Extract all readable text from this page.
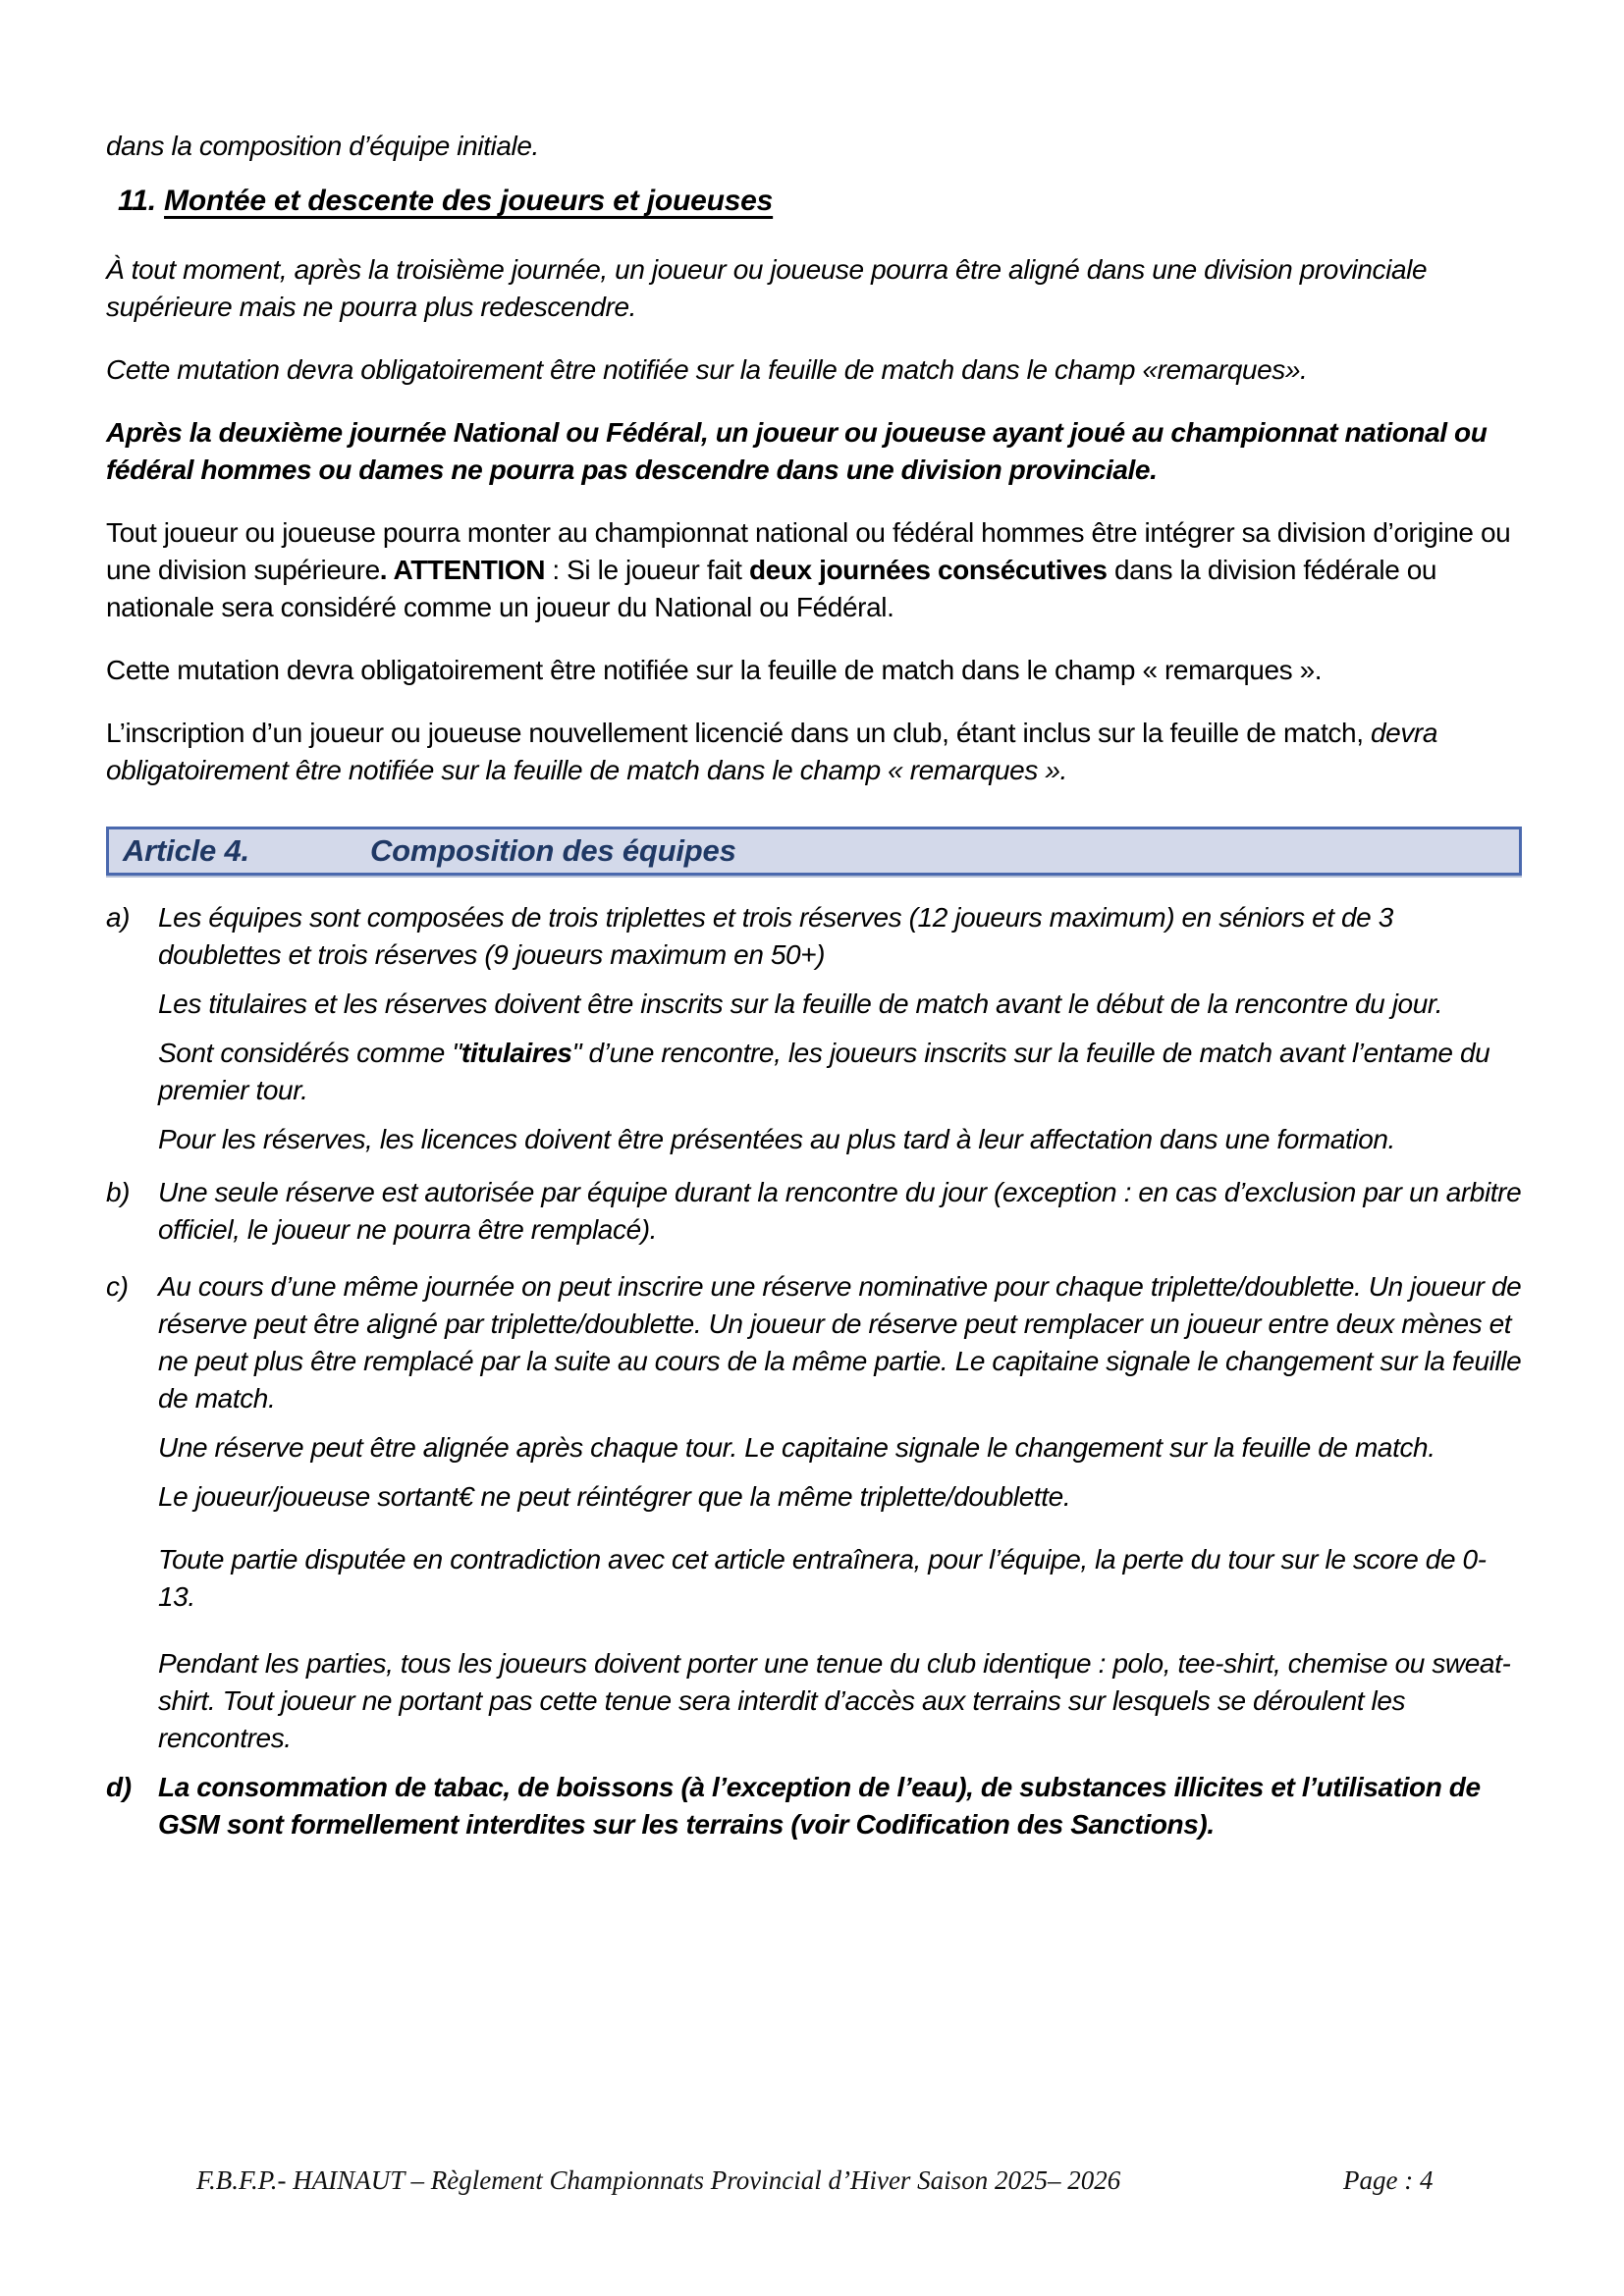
dans la composition d’équipe initiale.

11. Montée et descente des joueurs et joueuses

À tout moment, après la troisième journée, un joueur ou joueuse pourra être aligné dans une division provinciale supérieure mais ne pourra plus redescendre.

Cette mutation devra obligatoirement être notifiée sur la feuille de match dans le champ «remarques».

Après la deuxième journée National ou Fédéral, un joueur ou joueuse ayant joué au championnat national ou fédéral hommes ou dames ne pourra pas descendre dans une division provinciale.

Tout joueur ou joueuse pourra monter au championnat national ou fédéral hommes être intégrer sa division d’origine ou une division supérieure. ATTENTION : Si le joueur fait deux journées consécutives dans la division fédérale ou nationale sera considéré comme un joueur du National ou Fédéral.

Cette mutation devra obligatoirement être notifiée sur la feuille de match dans le champ « remarques ».

L’inscription d’un joueur ou joueuse nouvellement licencié dans un club, étant inclus sur la feuille de match, devra obligatoirement être notifiée sur la feuille de match dans le champ « remarques ».

Article 4.	Composition des équipes
a)	Les équipes sont composées de trois triplettes et trois réserves (12 joueurs maximum) en séniors et de 3 doublettes et trois réserves (9 joueurs maximum en 50+)

Les titulaires et les réserves doivent être inscrits sur la feuille de match avant le début de la rencontre du jour.

Sont considérés comme "titulaires" d’une rencontre, les joueurs inscrits sur la feuille de match avant l’entame du premier tour.

Pour les réserves, les licences doivent être présentées au plus tard à leur affectation dans une formation.

b)	Une seule réserve est autorisée par équipe durant la rencontre du jour (exception : en cas d’exclusion par un arbitre officiel, le joueur ne pourra être remplacé).

c)	Au cours d’une même journée on peut inscrire une réserve nominative pour chaque triplette/doublette. Un joueur de réserve peut être aligné par triplette/doublette. Un joueur de réserve peut remplacer un joueur entre deux mènes et ne peut plus être remplacé par la suite au cours de la même partie. Le capitaine signale le changement sur la feuille de match.

Une réserve peut être alignée après chaque tour. Le capitaine signale le changement sur la feuille de match.

Le joueur/joueuse sortant€ ne peut réintégrer que la même triplette/doublette.

Toute partie disputée en contradiction avec cet article entraînera, pour l’équipe, la perte du tour sur le score de 0-13.

Pendant les parties, tous les joueurs doivent porter une tenue du club identique : polo, tee-shirt, chemise ou sweat-shirt. Tout joueur ne portant pas cette tenue sera interdit d’accès aux terrains sur lesquels se déroulent les rencontres.

d) La consommation de tabac, de boissons (à l’exception de l’eau), de substances illicites et l’utilisation de GSM sont formellement interdites sur les terrains (voir Codification des Sanctions).

F.B.F.P.- HAINAUT – Règlement Championnats Provincial d’Hiver Saison 2025– 2026	Page : 4
